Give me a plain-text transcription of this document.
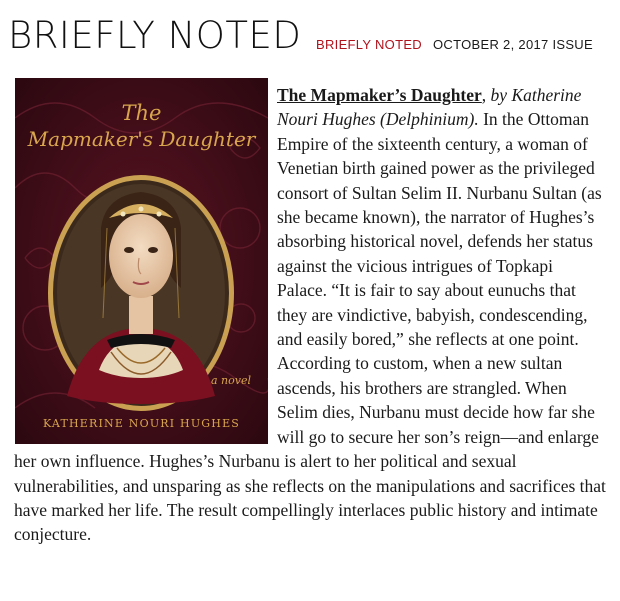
BRIEFLY NOTED BRIEFLY NOTED OCTOBER 2, 2017 ISSUE
The
Mapmaker's Daughter
a novel
KATHERINE NOURI HUGHES

The Mapmaker’s Daughter, by Katherine Nouri Hughes (Delphinium). In the Ottoman Empire of the sixteenth century, a woman of Venetian birth gained power as the privileged consort of Sultan Selim II. Nurbanu Sultan (as she became known), the narrator of Hughes’s absorbing historical novel, defends her status against the vicious intrigues of Topkapi Palace. “It is fair to say about eunuchs that they are vindictive, babyish, condescending, and easily bored,” she reflects at one point. According to custom, when a new sultan ascends, his brothers are strangled. When Selim dies, Nurbanu must decide how far she will go to secure her son’s reign—and enlarge her own influence. Hughes’s Nurbanu is alert to her political and sexual vulnerabilities, and unsparing as she reflects on the manipulations and sacrifices that have marked her life. The result compellingly interlaces public history and intimate conjecture.
